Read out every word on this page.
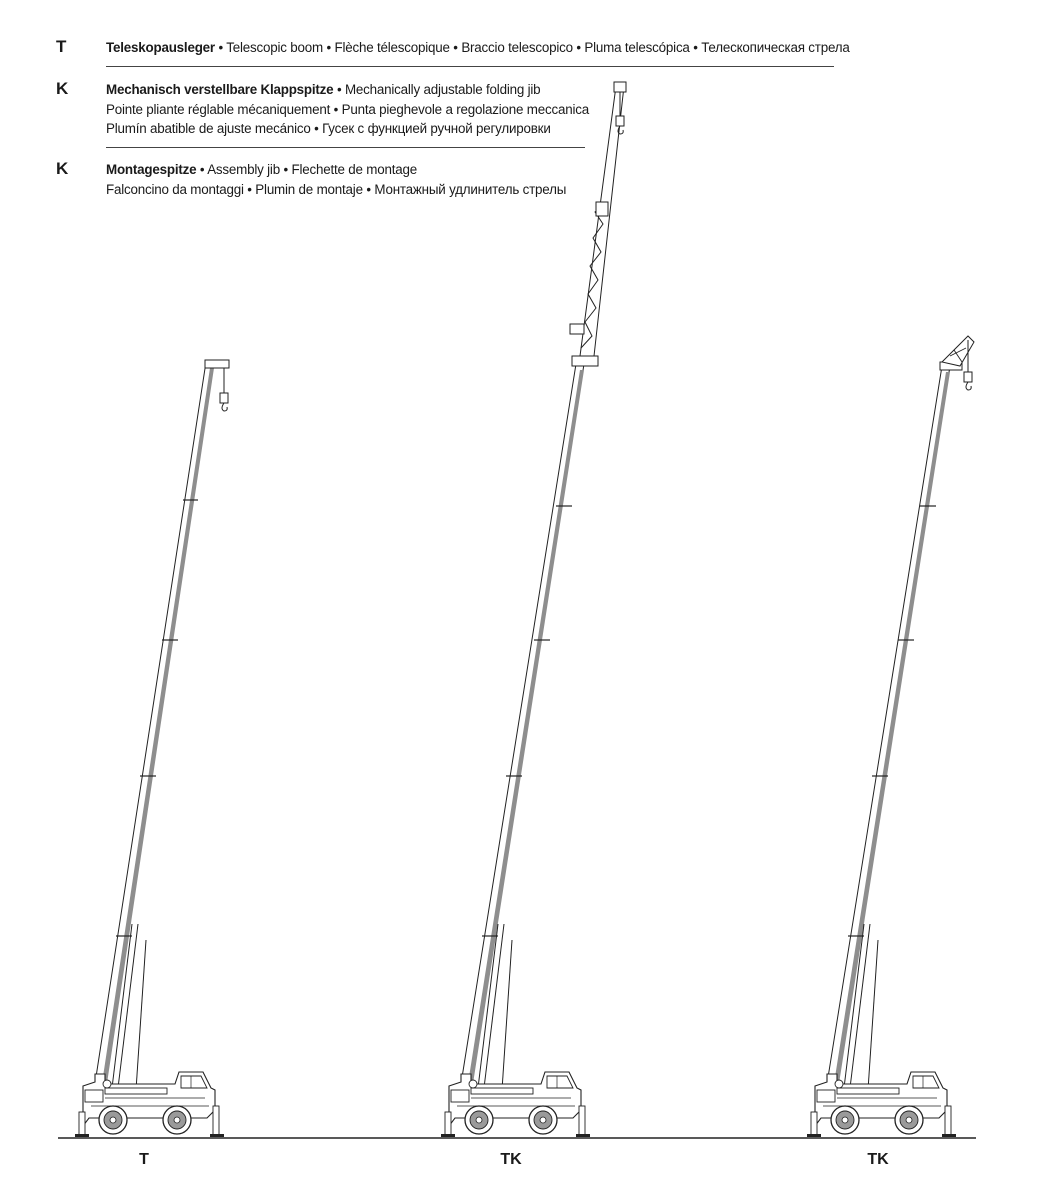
T	Teleskopausleger • Telescopic boom • Flèche télescopique • Braccio telescopico • Pluma telescópica • Телескопическая стрела
K	Mechanisch verstellbare Klappspitze • Mechanically adjustable folding jib
Pointe pliante réglable mécaniquement • Punta pieghevole a regolazione meccanica
Plumín abatible de ajuste mecánico • Гусек с функцией ручной регулировки
K	Montagespitze • Assembly jib • Flechette de montage
Falconcino da montaggi • Plumin de montaje • Монтажный удлинитель стрелы
T	TK	TK
